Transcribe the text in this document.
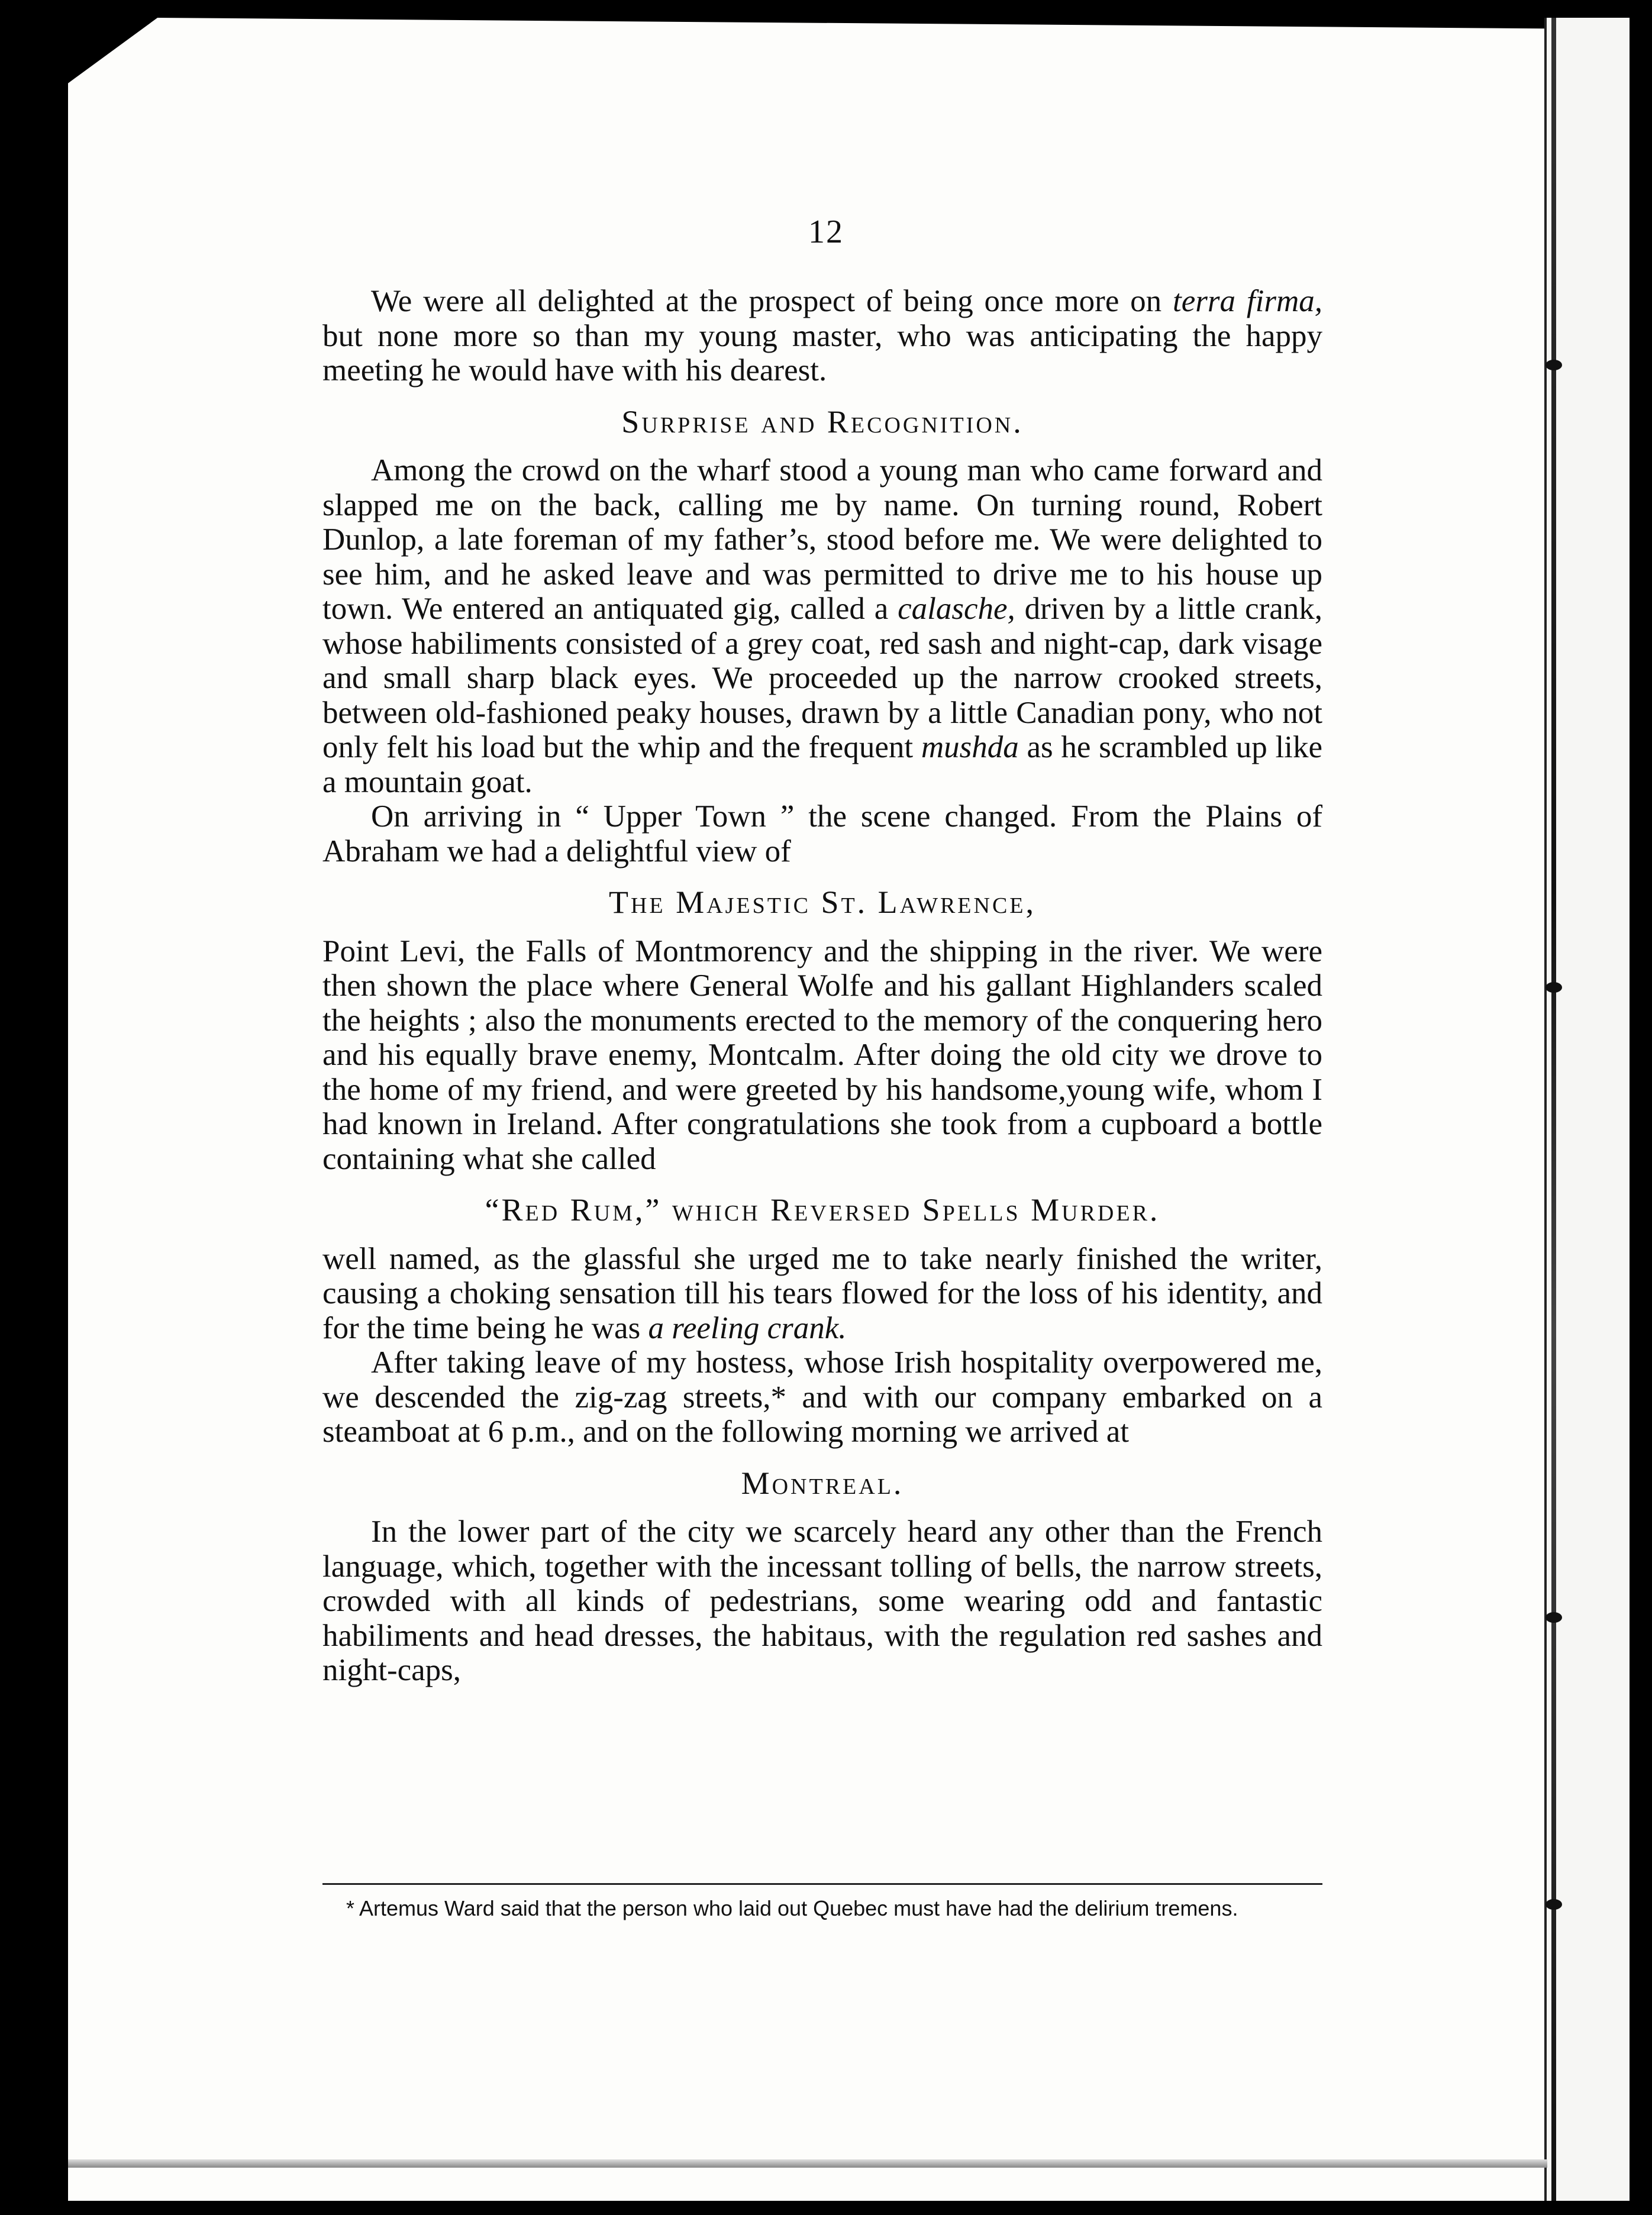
12

We were all delighted at the prospect of being once more on terra firma, but none more so than my young master, who was anticipating the happy meeting he would have with his dearest.

Surprise and Recognition.

Among the crowd on the wharf stood a young man who came forward and slapped me on the back, calling me by name. On turning round, Robert Dunlop, a late foreman of my father’s, stood before me. We were delighted to see him, and he asked leave and was permitted to drive me to his house up town. We entered an antiquated gig, called a calasche, driven by a little crank, whose habiliments consisted of a grey coat, red sash and night-cap, dark visage and small sharp black eyes. We proceeded up the narrow crooked streets, between old-fashioned peaky houses, drawn by a little Canadian pony, who not only felt his load but the whip and the frequent mushda as he scrambled up like a mountain goat.

On arriving in “ Upper Town ” the scene changed. From the Plains of Abraham we had a delightful view of

The Majestic St. Lawrence,

Point Levi, the Falls of Montmorency and the shipping in the river. We were then shown the place where General Wolfe and his gallant Highlanders scaled the heights ; also the monuments erected to the memory of the conquering hero and his equally brave enemy, Montcalm. After doing the old city we drove to the home of my friend, and were greeted by his handsome,young wife, whom I had known in Ireland. After congratulations she took from a cupboard a bottle containing what she called

“Red Rum,” which Reversed Spells Murder.

well named, as the glassful she urged me to take nearly finished the writer, causing a choking sensation till his tears flowed for the loss of his identity, and for the time being he was a reeling crank.

After taking leave of my hostess, whose Irish hospitality overpowered me, we descended the zig-zag streets,* and with our company embarked on a steamboat at 6 p.m., and on the following morning we arrived at

Montreal.

In the lower part of the city we scarcely heard any other than the French language, which, together with the incessant tolling of bells, the narrow streets, crowded with all kinds of pedestrians, some wearing odd and fantastic habiliments and head dresses, the habitaus, with the regulation red sashes and night-caps,

* Artemus Ward said that the person who laid out Quebec must have had the delirium tremens.
